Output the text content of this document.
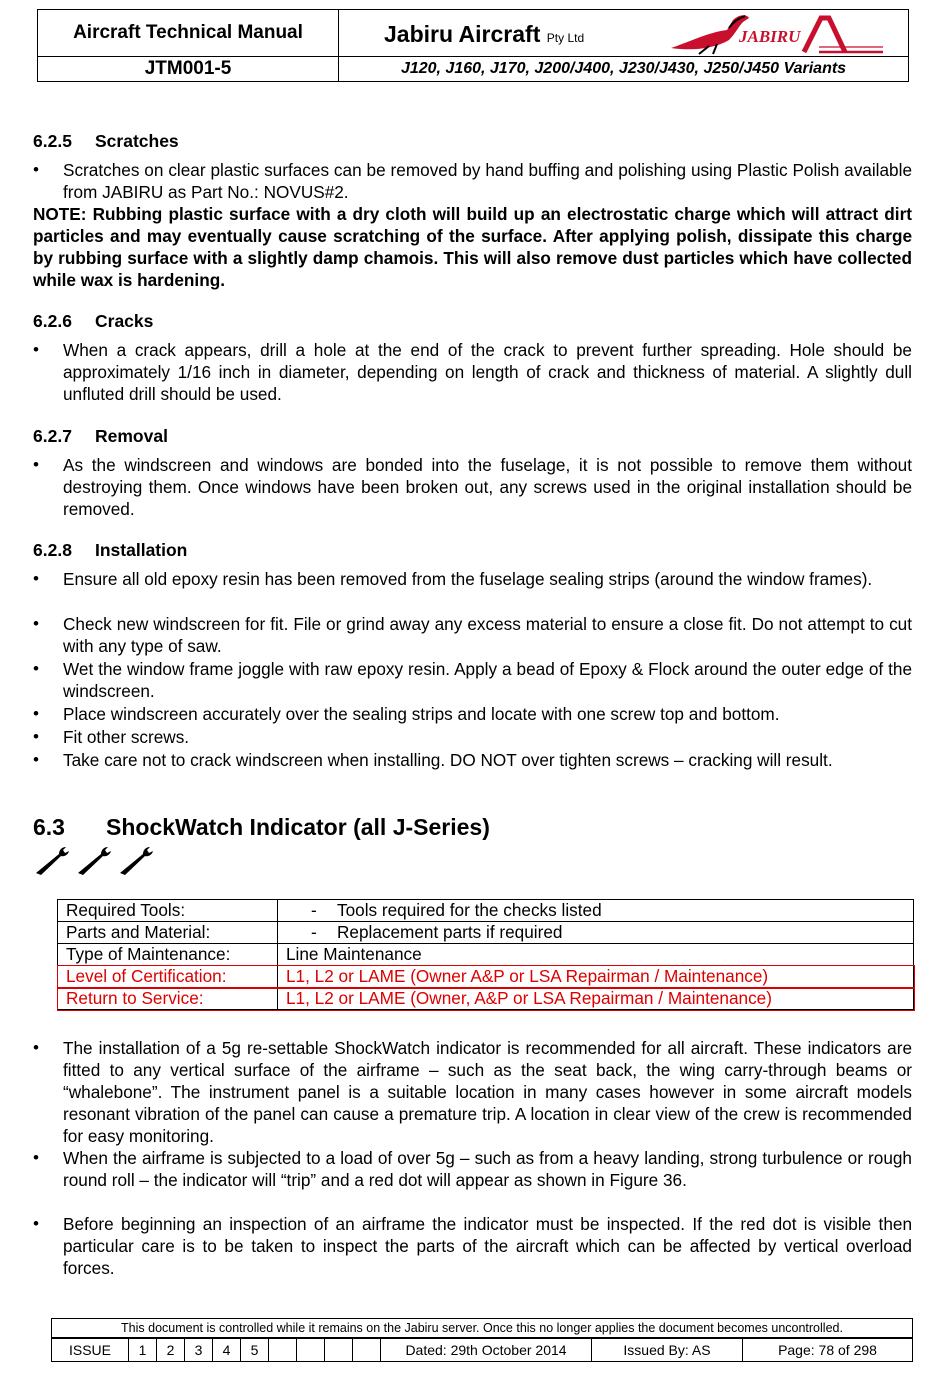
Aircraft Technical Manual	Jabiru Aircraft Pty Ltd JABIRU

JTM001-5	J120, J160, J170, J200/J400, J230/J430, J250/J450 Variants
6.2.5 Scratches
• Scratches on clear plastic surfaces can be removed by hand buffing and polishing using Plastic Polish available from JABIRU as Part No.: NOVUS#2.
NOTE: Rubbing plastic surface with a dry cloth will build up an electrostatic charge which will attract dirt particles and may eventually cause scratching of the surface. After applying polish, dissipate this charge by rubbing surface with a slightly damp chamois. This will also remove dust particles which have collected while wax is hardening.
6.2.6 Cracks
• When a crack appears, drill a hole at the end of the crack to prevent further spreading. Hole should be approximately 1/16 inch in diameter, depending on length of crack and thickness of material. A slightly dull unfluted drill should be used.
6.2.7 Removal
• As the windscreen and windows are bonded into the fuselage, it is not possible to remove them without destroying them. Once windows have been broken out, any screws used in the original installation should be removed.
6.2.8 Installation
• Ensure all old epoxy resin has been removed from the fuselage sealing strips (around the window frames).
• Check new windscreen for fit. File or grind away any excess material to ensure a close fit. Do not attempt to cut with any type of saw.
• Wet the window frame joggle with raw epoxy resin. Apply a bead of Epoxy & Flock around the outer edge of the windscreen.
• Place windscreen accurately over the sealing strips and locate with one screw top and bottom.
• Fit other screws.
• Take care not to crack windscreen when installing. DO NOT over tighten screws – cracking will result.
6.3 ShockWatch Indicator (all J-Series)
Required Tools:	- Tools required for the checks listed
Parts and Material:	- Replacement parts if required
Type of Maintenance:	Line Maintenance
Level of Certification:	L1, L2 or LAME (Owner A&P or LSA Repairman / Maintenance)
Return to Service:	L1, L2 or LAME (Owner, A&P or LSA Repairman / Maintenance)
• The installation of a 5g re-settable ShockWatch indicator is recommended for all aircraft. These indicators are fitted to any vertical surface of the airframe – such as the seat back, the wing carry-through beams or “whalebone”. The instrument panel is a suitable location in many cases however in some aircraft models resonant vibration of the panel can cause a premature trip. A location in clear view of the crew is recommended for easy monitoring.
• When the airframe is subjected to a load of over 5g – such as from a heavy landing, strong turbulence or rough round roll – the indicator will “trip” and a red dot will appear as shown in Figure 36.
• Before beginning an inspection of an airframe the indicator must be inspected. If the red dot is visible then particular care is to be taken to inspect the parts of the aircraft which can be affected by vertical overload forces.
This document is controlled while it remains on the Jabiru server. Once this no longer applies the document becomes uncontrolled.
ISSUE	1	2	3	4	5					Dated: 29th October 2014	Issued By: AS	Page: 78 of 298
